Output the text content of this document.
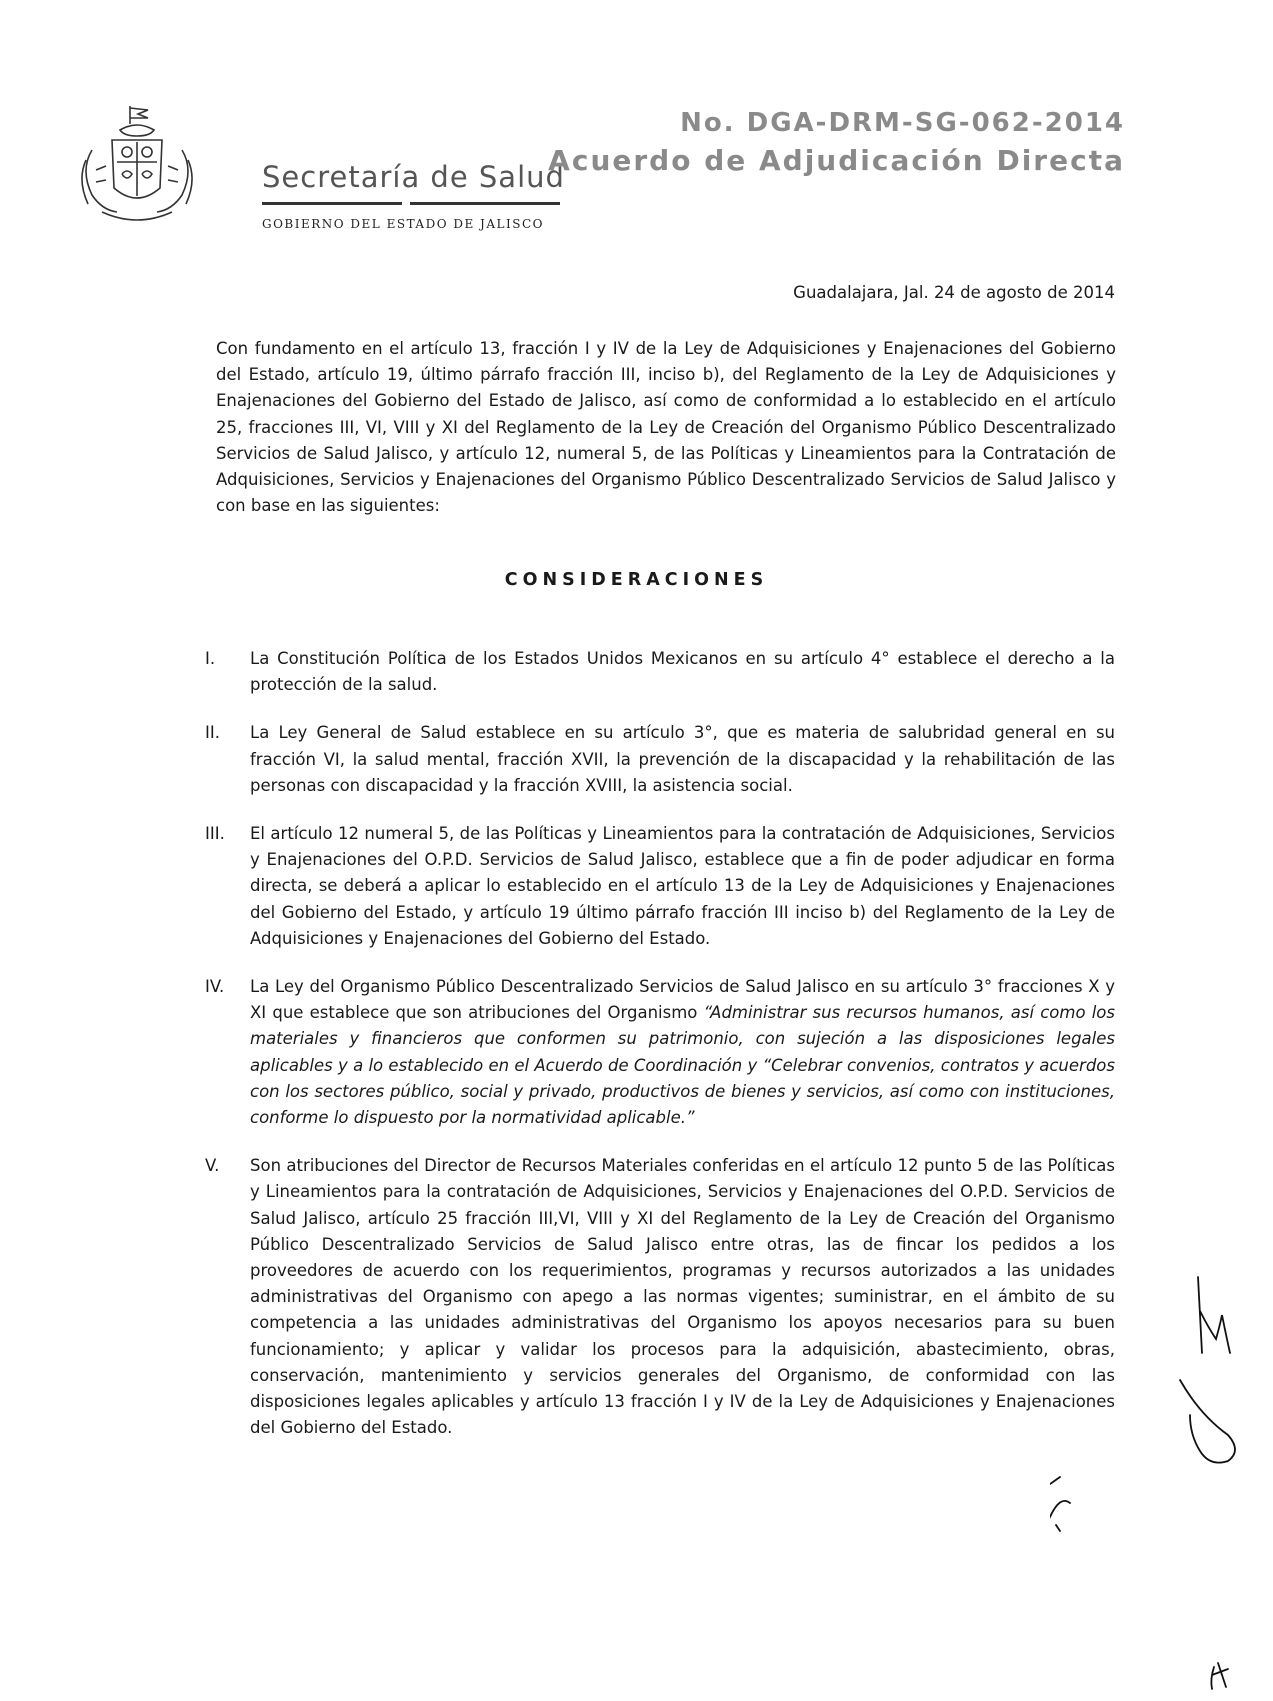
Secretaría de Salud
GOBIERNO DEL ESTADO DE JALISCO
No. DGA-DRM-SG-062-2014
Acuerdo de Adjudicación Directa
Guadalajara, Jal. 24 de agosto de 2014

Con fundamento en el artículo 13, fracción I y IV de la Ley de Adquisiciones y Enajenaciones del Gobierno del Estado, artículo 19, último párrafo fracción III, inciso b), del Reglamento de la Ley de Adquisiciones y Enajenaciones del Gobierno del Estado de Jalisco, así como de conformidad a lo establecido en el artículo 25, fracciones III, VI, VIII y XI del Reglamento de la Ley de Creación del Organismo Público Descentralizado Servicios de Salud Jalisco, y artículo 12, numeral 5, de las Políticas y Lineamientos para la Contratación de Adquisiciones, Servicios y Enajenaciones del Organismo Público Descentralizado Servicios de Salud Jalisco y con base en las siguientes:

CONSIDERACIONES
I. La Constitución Política de los Estados Unidos Mexicanos en su artículo 4° establece el derecho a la protección de la salud.
II. La Ley General de Salud establece en su artículo 3°, que es materia de salubridad general en su fracción VI, la salud mental, fracción XVII, la prevención de la discapacidad y la rehabilitación de las personas con discapacidad y la fracción XVIII, la asistencia social.
III. El artículo 12 numeral 5, de las Políticas y Lineamientos para la contratación de Adquisiciones, Servicios y Enajenaciones del O.P.D. Servicios de Salud Jalisco, establece que a fin de poder adjudicar en forma directa, se deberá a aplicar lo establecido en el artículo 13 de la Ley de Adquisiciones y Enajenaciones del Gobierno del Estado, y artículo 19 último párrafo fracción III inciso b) del Reglamento de la Ley de Adquisiciones y Enajenaciones del Gobierno del Estado.
IV. La Ley del Organismo Público Descentralizado Servicios de Salud Jalisco en su artículo 3° fracciones X y XI que establece que son atribuciones del Organismo “Administrar sus recursos humanos, así como los materiales y financieros que conformen su patrimonio, con sujeción a las disposiciones legales aplicables y a lo establecido en el Acuerdo de Coordinación y “Celebrar convenios, contratos y acuerdos con los sectores público, social y privado, productivos de bienes y servicios, así como con instituciones, conforme lo dispuesto por la normatividad aplicable.”
V. Son atribuciones del Director de Recursos Materiales conferidas en el artículo 12 punto 5 de las Políticas y Lineamientos para la contratación de Adquisiciones, Servicios y Enajenaciones del O.P.D. Servicios de Salud Jalisco, artículo 25 fracción III,VI, VIII y XI del Reglamento de la Ley de Creación del Organismo Público Descentralizado Servicios de Salud Jalisco entre otras, las de fincar los pedidos a los proveedores de acuerdo con los requerimientos, programas y recursos autorizados a las unidades administrativas del Organismo con apego a las normas vigentes; suministrar, en el ámbito de su competencia a las unidades administrativas del Organismo los apoyos necesarios para su buen funcionamiento; y aplicar y validar los procesos para la adquisición, abastecimiento, obras, conservación, mantenimiento y servicios generales del Organismo, de conformidad con las disposiciones legales aplicables y artículo 13 fracción I y IV de la Ley de Adquisiciones y Enajenaciones del Gobierno del Estado.
